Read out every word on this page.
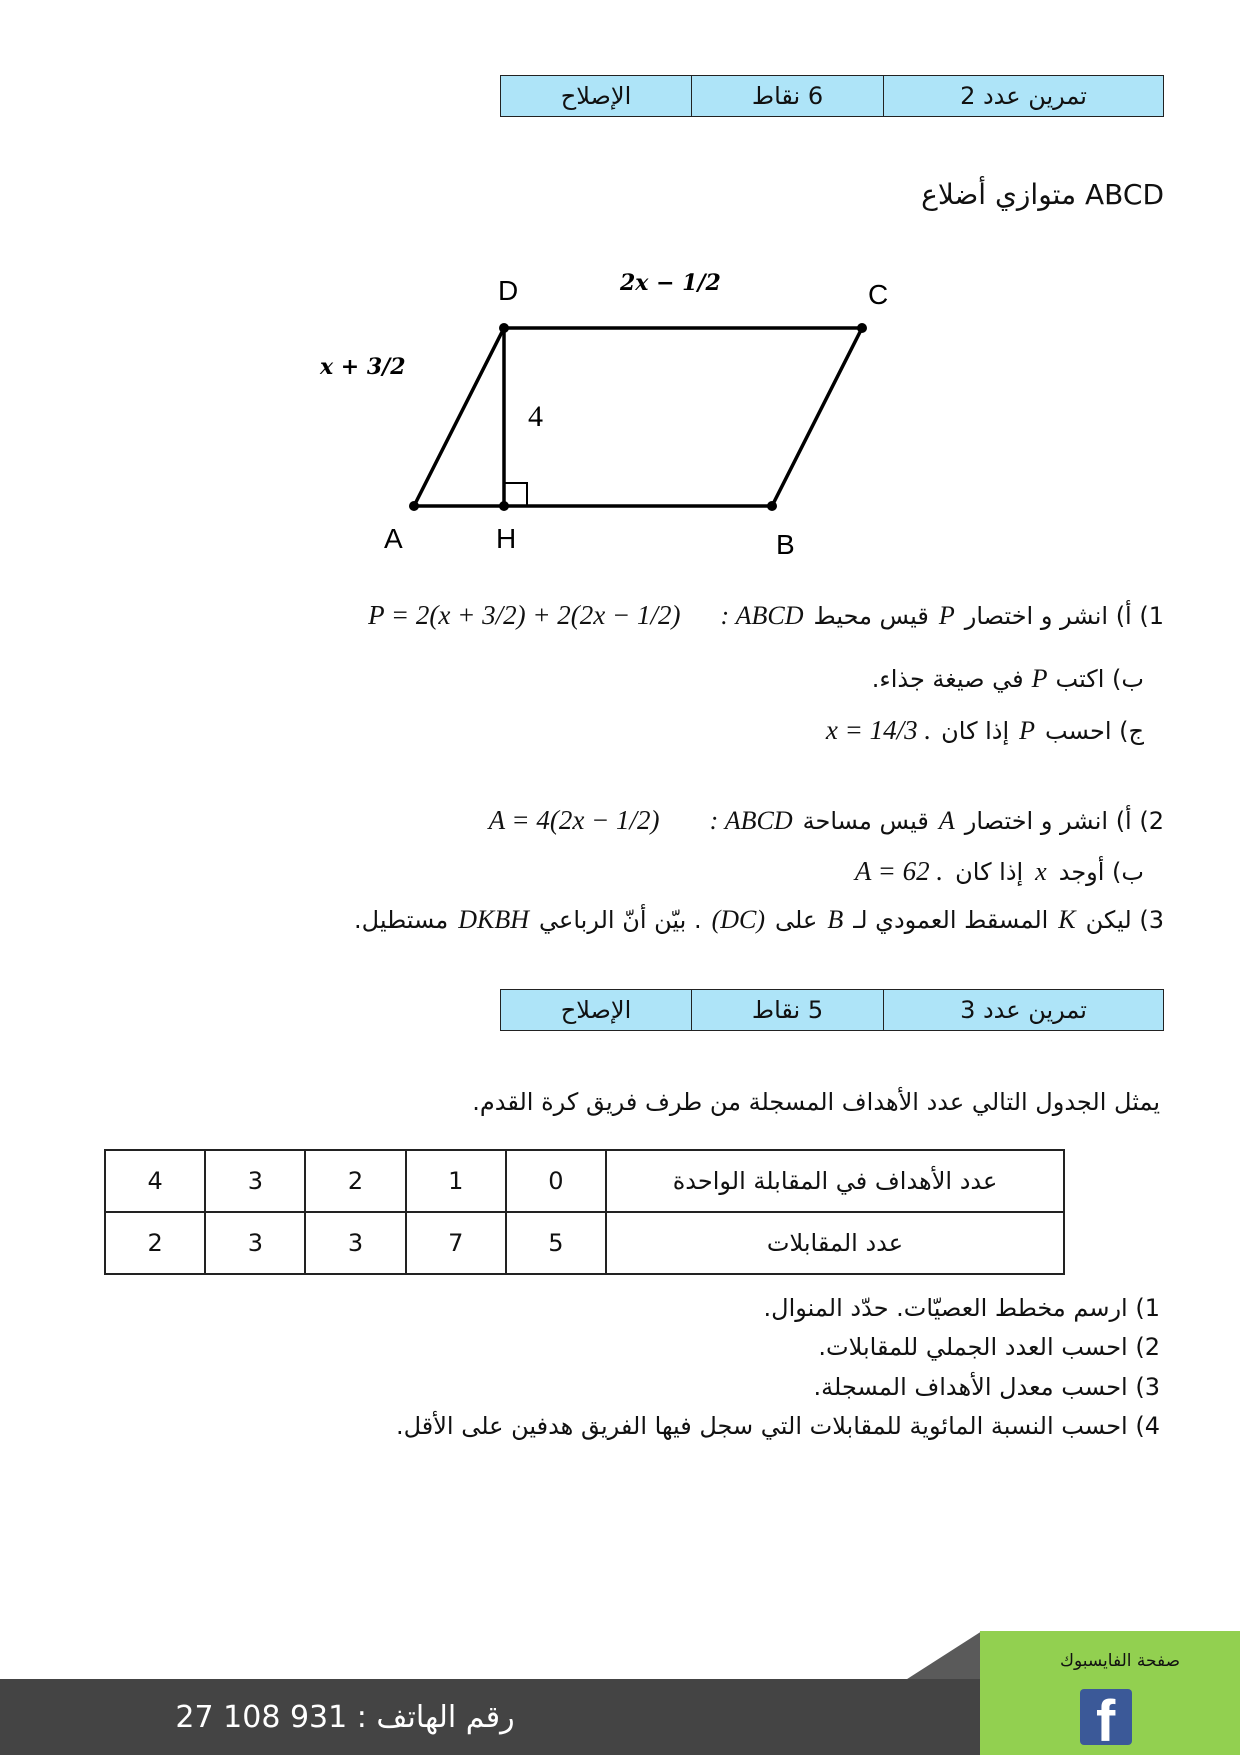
تمرين عدد 2
6 نقاط
الإصلاح
ABCD متوازي أضلاع
D	C
A	H	B
4
2x − 1/2
x + 3/2
1) أ) انشر و اختصار
P
قيس محيط
ABCD :
P = 2(x + 3/2) + 2(2x − 1/2)
ب) اكتب
P
في صيغة جذاء.
ج) احسب
P
إذا كان
x = 14/3 .
2) أ) انشر و اختصار
A
قيس مساحة
ABCD :
A = 4(2x − 1/2)
ب) أوجد
x
إذا كان
A = 62 .
3) ليكن
K
المسقط العمودي لـ
B
على
(DC)
. بيّن أنّ الرباعي
DKBH
مستطيل.
تمرين عدد 3
5 نقاط
الإصلاح
يمثل الجدول التالي عدد الأهداف المسجلة من طرف فريق كرة القدم.
عدد الأهداف في المقابلة الواحدة	0	1	2	3	4
عدد المقابلات	5	7	3	3	2
1) ارسم مخطط العصيّات. حدّد المنوال.
2) احسب العدد الجملي للمقابلات.
3) احسب معدل الأهداف المسجلة.
4) احسب النسبة المائوية للمقابلات التي سجل فيها الفريق هدفين على الأقل.
رقم الهاتف : 931 108 27
صفحة الفايسبوك
f
